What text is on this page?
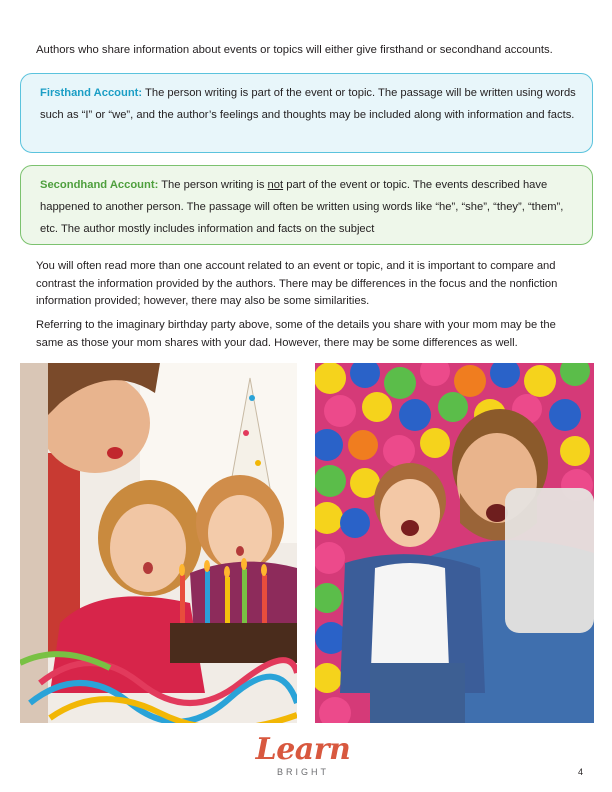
Authors who share information about events or topics will either give firsthand or secondhand accounts.

Firsthand Account: The person writing is part of the event or topic. The passage will be written using words such as “I” or “we”, and the author’s feelings and thoughts may be included along with information and facts.
Secondhand Account: The person writing is not part of the event or topic. The events described have happened to another person. The passage will often be written using words like “he”, “she”, “they”, “them”, etc. The author mostly includes information and facts on the subject

You will often read more than one account related to an event or topic, and it is important to compare and contrast the information provided by the authors. There may be differences in the focus and the nonfiction information provided; however, there may also be some similarities.

Referring to the imaginary birthday party above, some of the details you share with your mom may be the same as those your mom shares with your dad. However, there may be some differences as well.

Learn
BRIGHT	4
